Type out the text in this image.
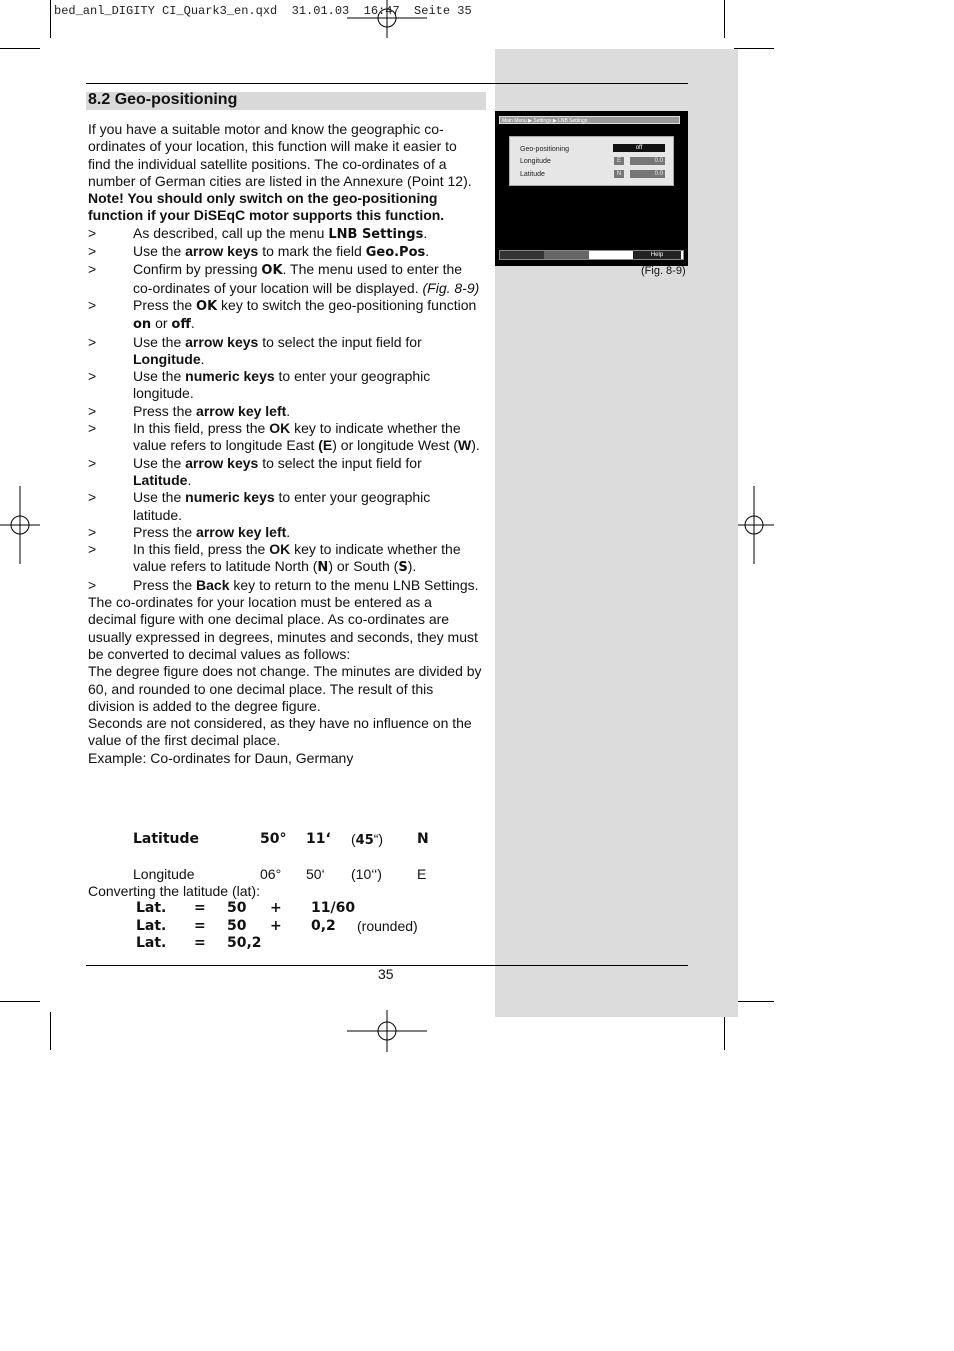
bed_anl_DIGITY CI_Quark3_en.qxd  31.01.03  16:47  Seite 35
8.2 Geo-positioning

If you have a suitable motor and know the geographic co-ordinates of your location, this function will make it easier to find the individual satellite positions. The co-ordinates of a number of German cities are listed in the Annexure (Point 12).

Note! You should only switch on the geo-positioning function if your DiSEqC motor supports this function.

>	As described, call up the menu LNB Settings.
>	Use the arrow keys to mark the field Geo.Pos.
>	Confirm by pressing OK. The menu used to enter the co-ordinates of your location will be displayed. (Fig. 8-9)
>	Press the OK key to switch the geo-positioning function on or off.
>	Use the arrow keys to select the input field for Longitude.
>	Use the numeric keys to enter your geographic longitude.
>	Press the arrow key left.
>	In this field, press the OK key to indicate whether the value refers to longitude East (E) or longitude West (W).
>	Use the arrow keys to select the input field for Latitude.
>	Use the numeric keys to enter your geographic latitude.
>	Press the arrow key left.
>	In this field, press the OK key to indicate whether the value refers to latitude North (N) or South (S).
>	Press the Back key to return to the menu LNB Settings.

The co-ordinates for your location must be entered as a decimal figure with one decimal place. As co-ordinates are usually expressed in degrees, minutes and seconds, they must be converted to decimal values as follows:

The degree figure does not change. The minutes are divided by 60, and rounded to one decimal place. The result of this division is added to the degree figure.

Seconds are not considered, as they have no influence on the value of the first decimal place.

Example: Co-ordinates for Daun, Germany

Latitude	50° 11‘ (45“) N
Longitude	06° 50‘ (10‘‘)	E
Converting the latitude (lat):
Lat. = 50 + 11/60
Lat. = 50 + 0,2 (rounded)
Lat. = 50,2
Main Menu ▶ Settings ▶ LNB Settings
Geo-positioning	off
Longitude	E	0.0
Latitude	N	0.0
Help
(Fig. 8-9)
35
